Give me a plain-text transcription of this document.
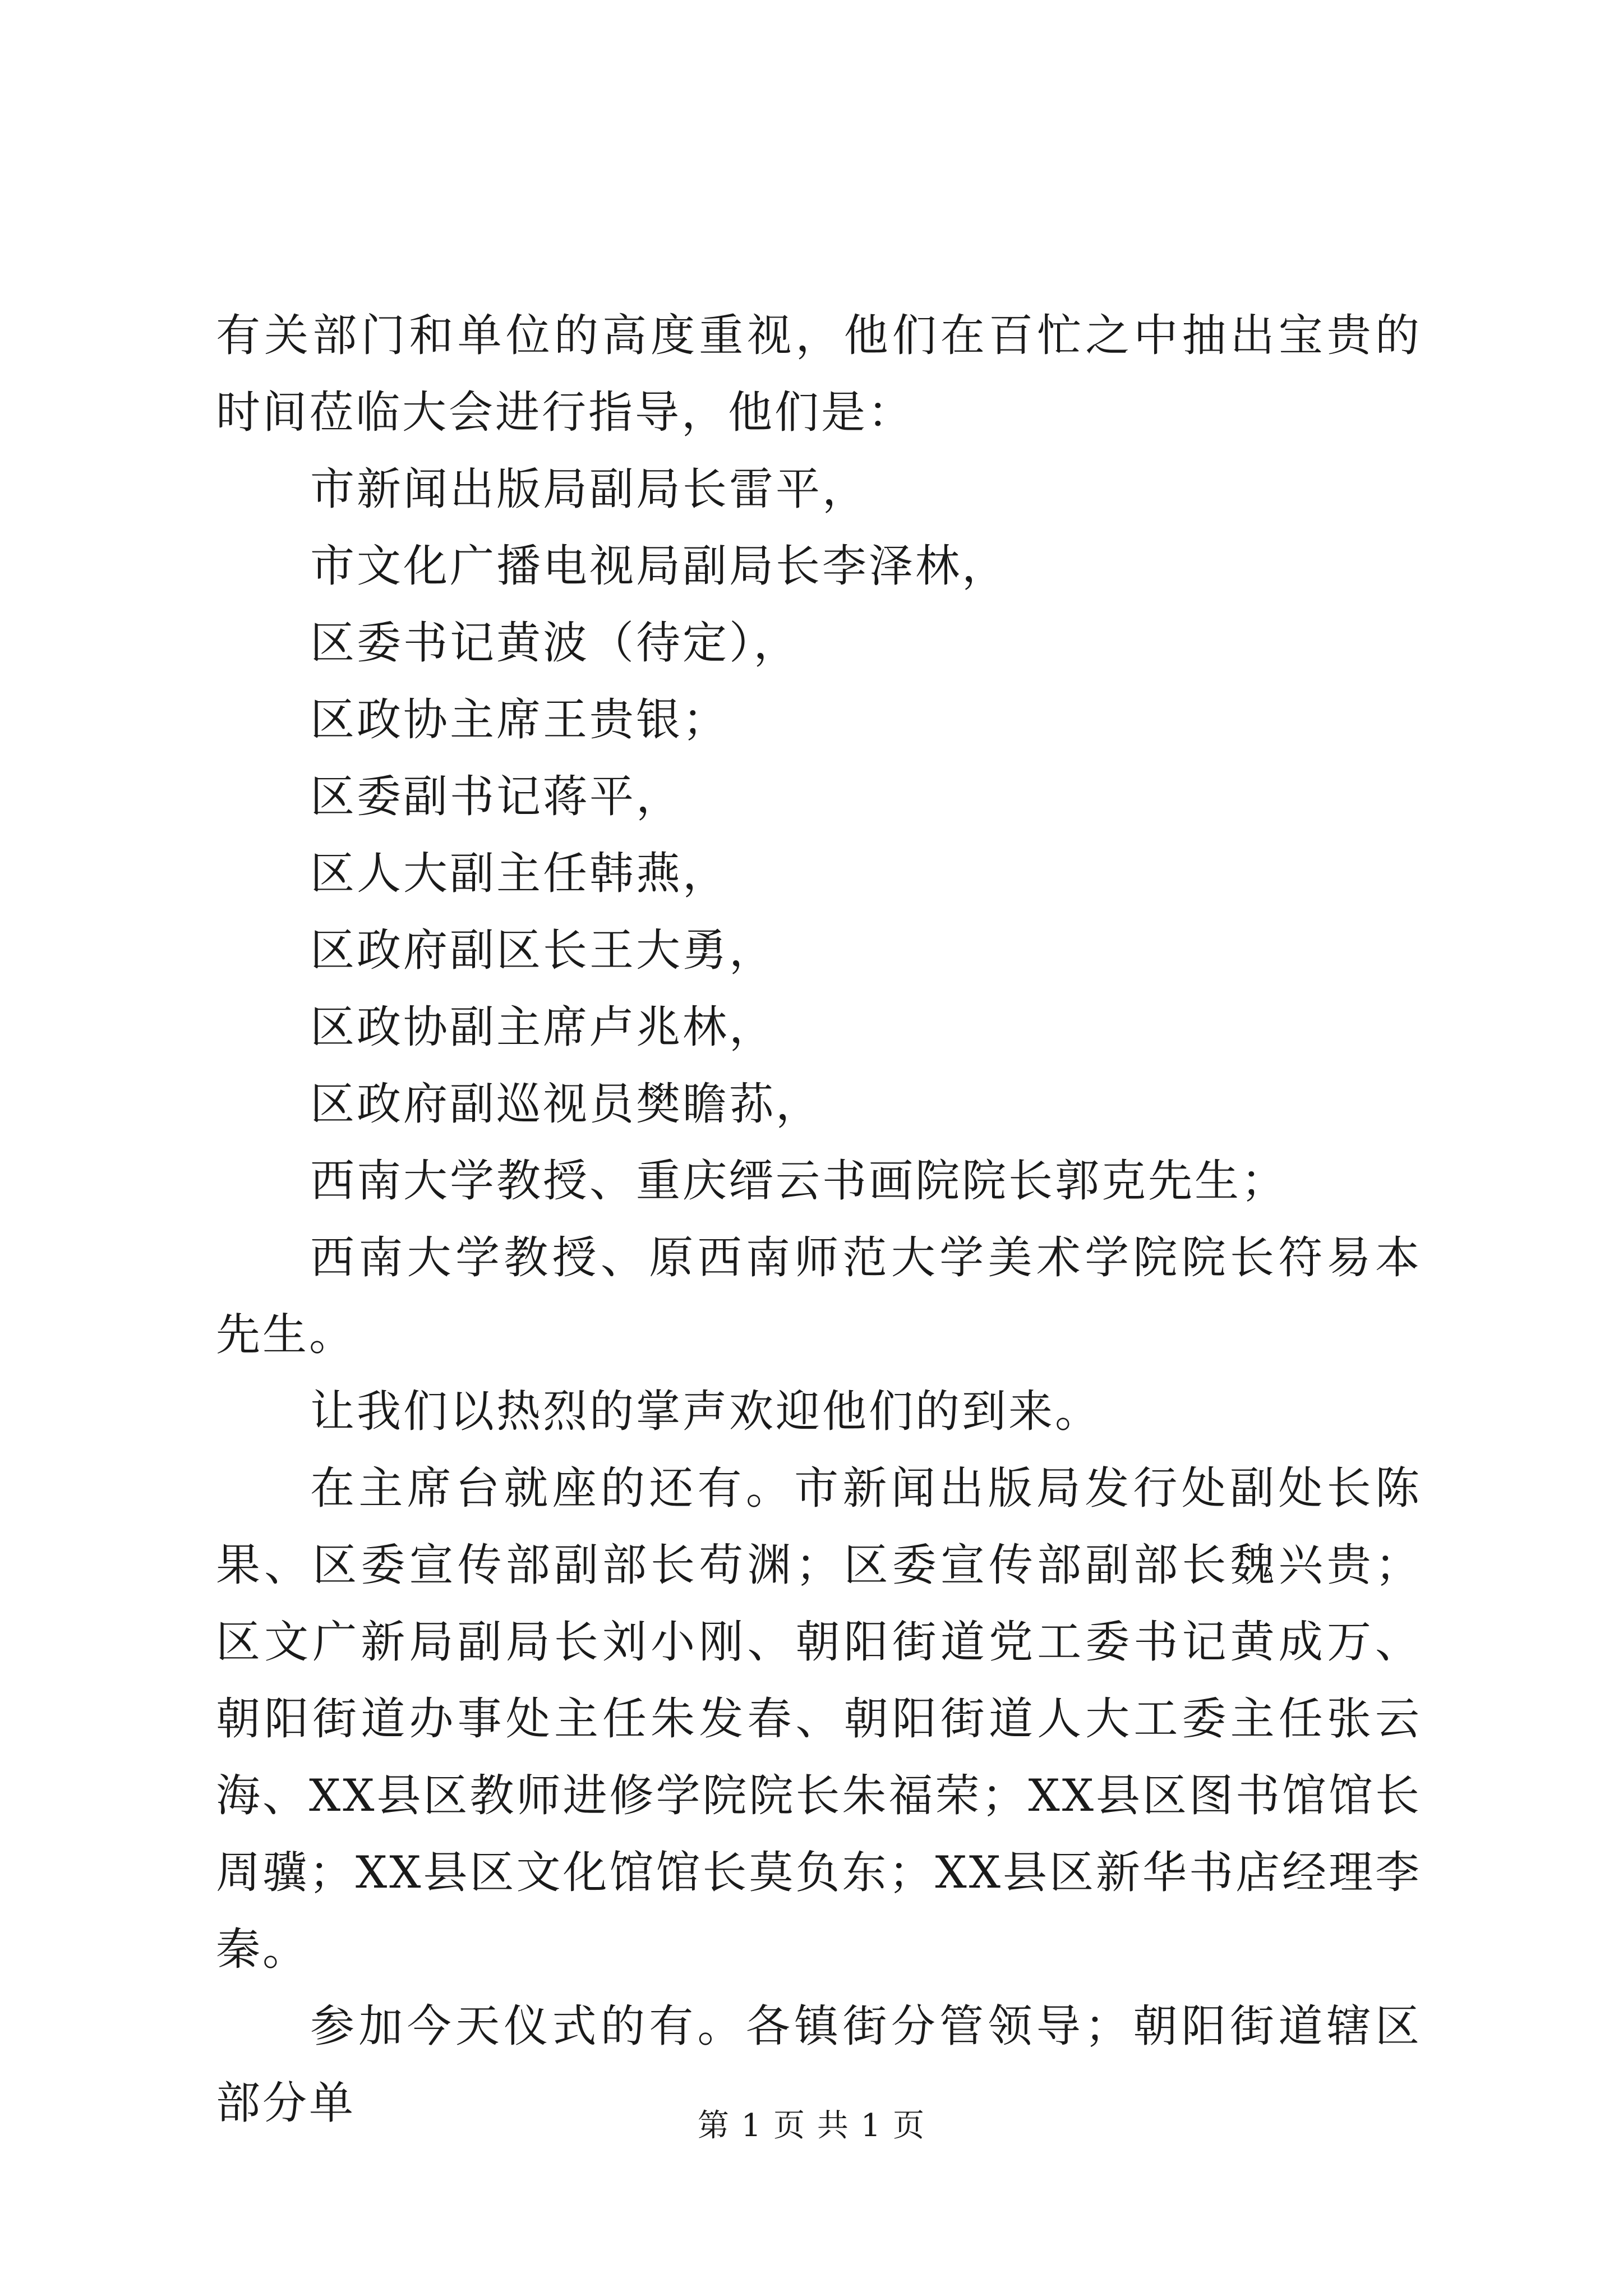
有关部门和单位的高度重视，他们在百忙之中抽出宝贵的时间莅临大会进行指导，他们是：

市新闻出版局副局长雷平，

市文化广播电视局副局长李泽林，

区委书记黄波（待定），

区政协主席王贵银；

区委副书记蒋平，

区人大副主任韩燕，

区政府副区长王大勇，

区政协副主席卢兆林，

区政府副巡视员樊瞻荪，

西南大学教授、重庆缙云书画院院长郭克先生；

西南大学教授、原西南师范大学美术学院院长符易本先生。

让我们以热烈的掌声欢迎他们的到来。

在主席台就座的还有。市新闻出版局发行处副处长陈果、区委宣传部副部长苟渊；区委宣传部副部长魏兴贵；区文广新局副局长刘小刚、朝阳街道党工委书记黄成万、朝阳街道办事处主任朱发春、朝阳街道人大工委主任张云海、XX县区教师进修学院院长朱福荣；XX县区图书馆馆长周骥；XX县区文化馆馆长莫负东；XX县区新华书店经理李秦。

参加今天仪式的有。各镇街分管领导；朝阳街道辖区部分单	第 1 页 共 1 页
